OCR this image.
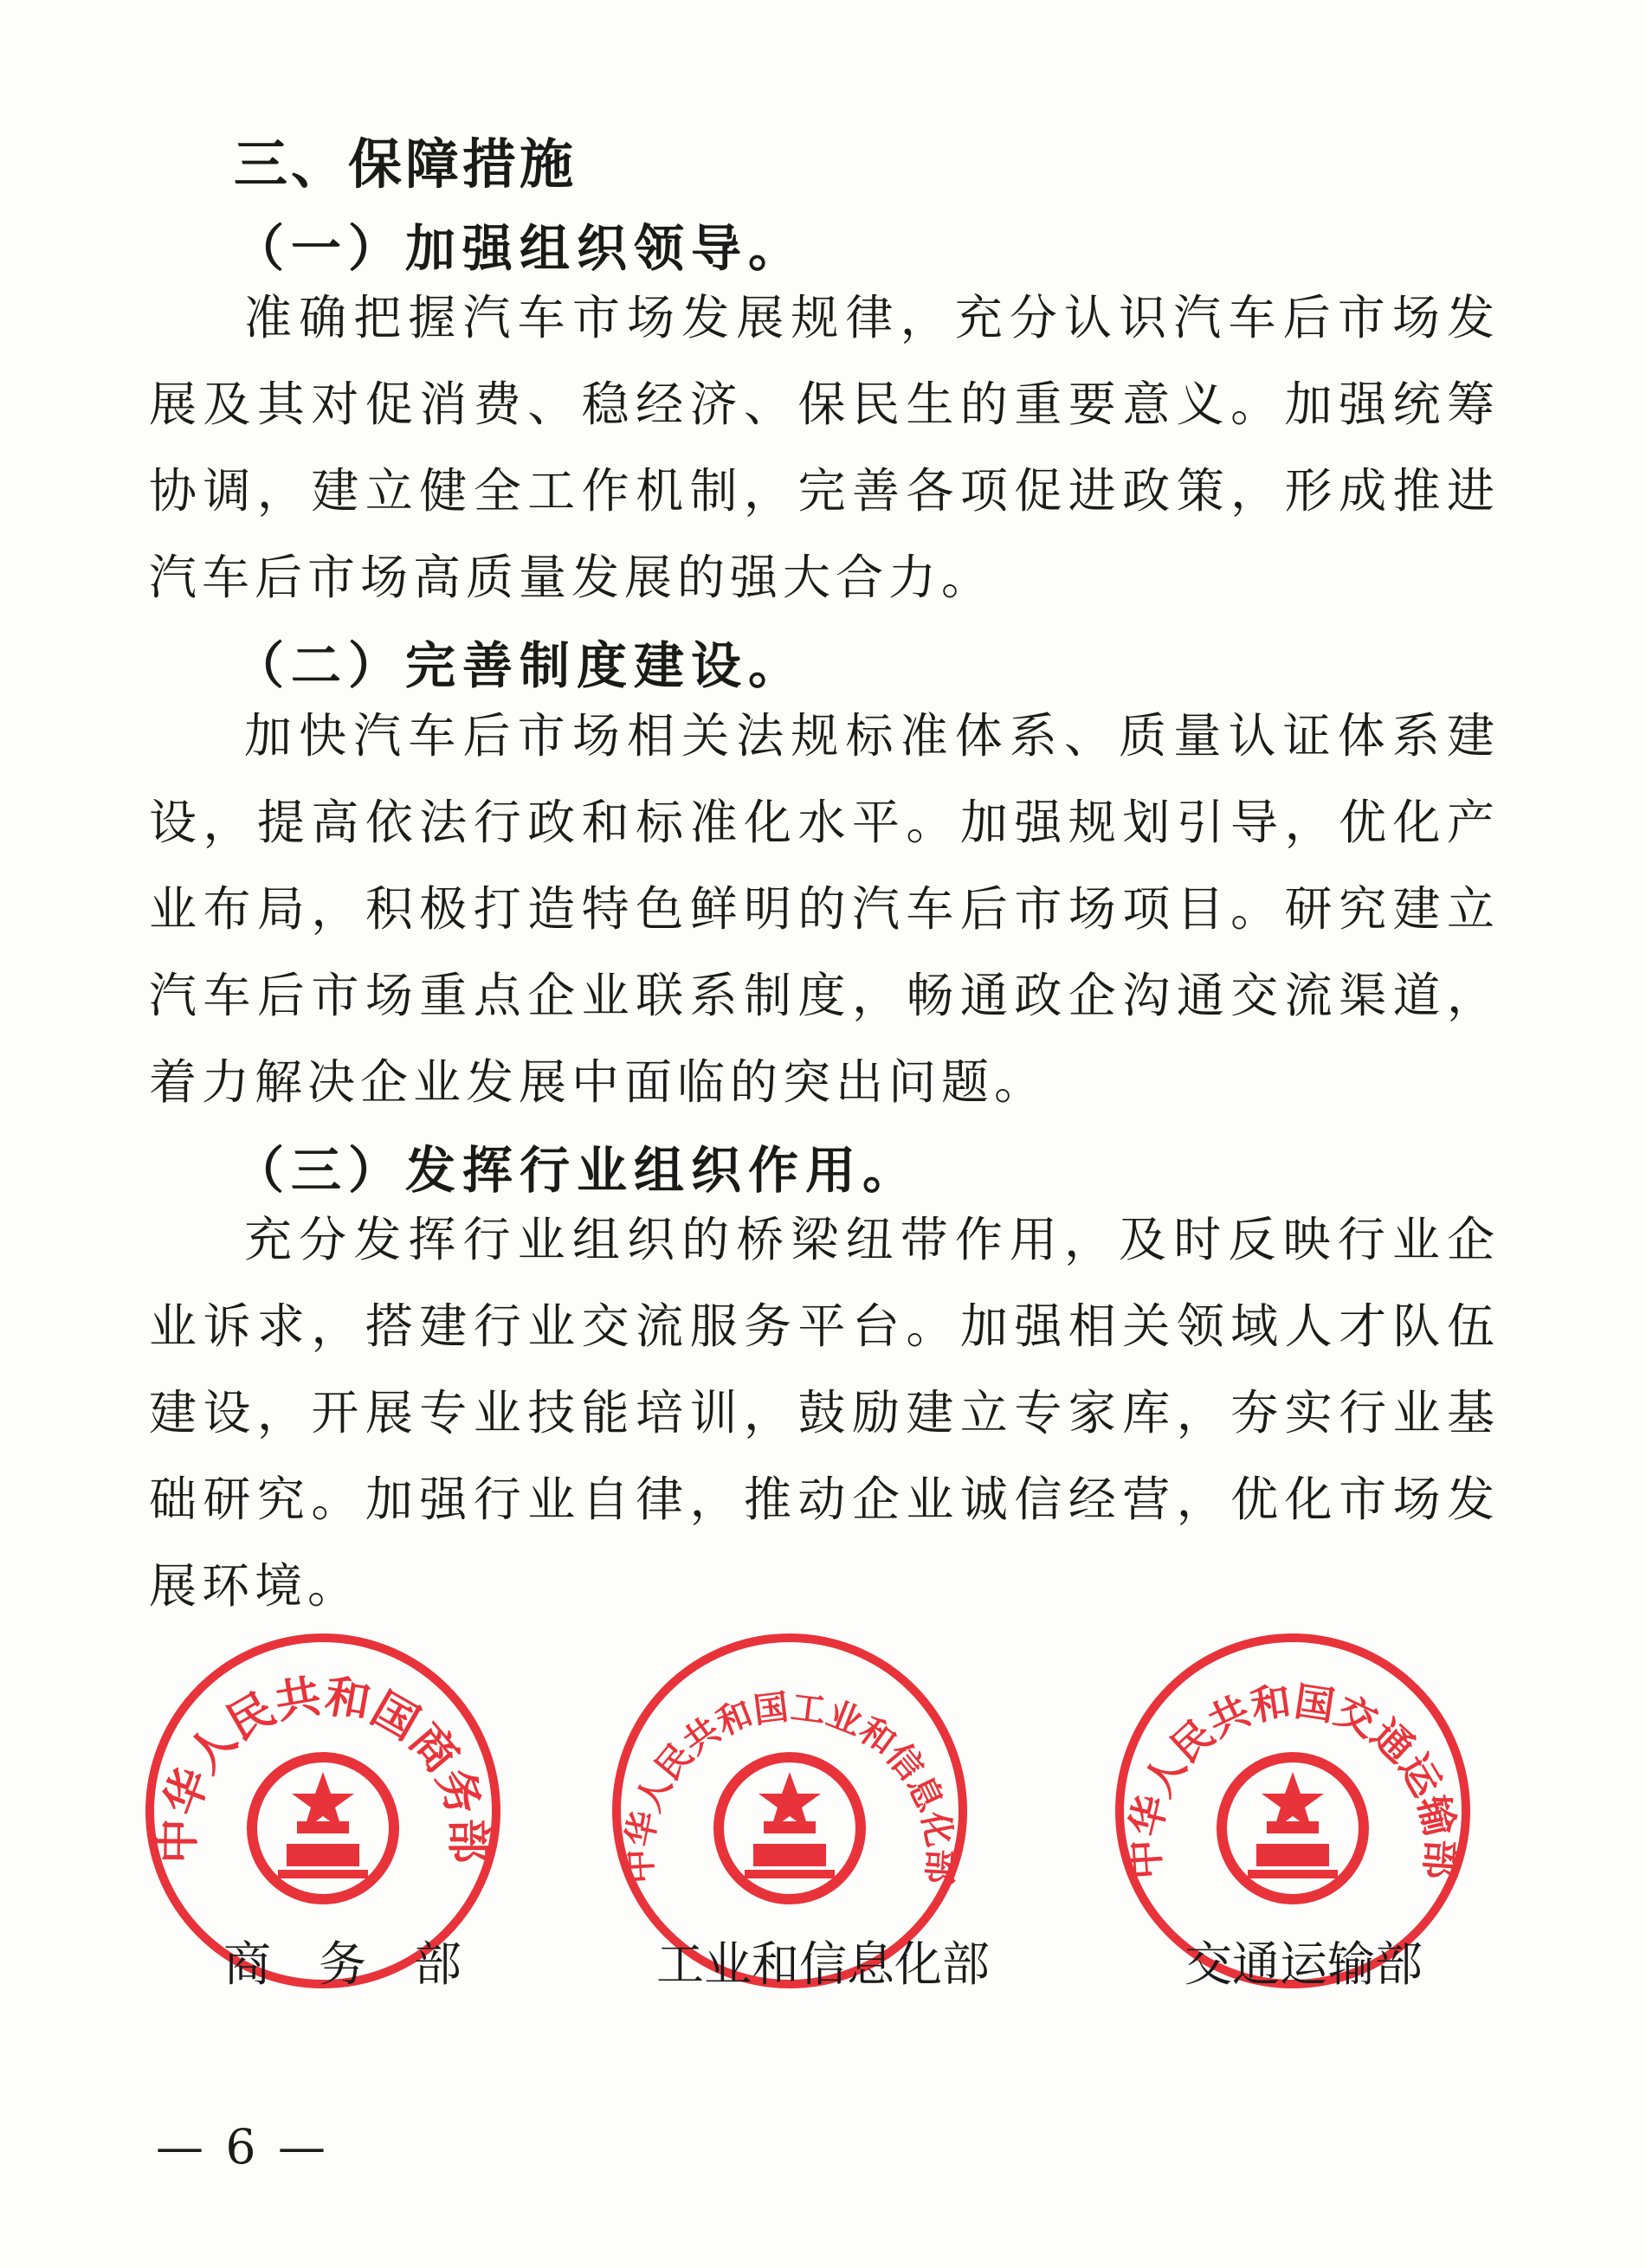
三、保障措施
（一）加强组织领导。

准确把握汽车市场发展规律，充分认识汽车后市场发展及其对促消费、稳经济、保民生的重要意义。加强统筹协调，建立健全工作机制，完善各项促进政策，形成推进汽车后市场高质量发展的强大合力。

（二）完善制度建设。

加快汽车后市场相关法规标准体系、质量认证体系建设，提高依法行政和标准化水平。加强规划引导，优化产业布局，积极打造特色鲜明的汽车后市场项目。研究建立汽车后市场重点企业联系制度，畅通政企沟通交流渠道，着力解决企业发展中面临的突出问题。

（三）发挥行业组织作用。

充分发挥行业组织的桥梁纽带作用，及时反映行业企业诉求，搭建行业交流服务平台。加强相关领域人才队伍建设，开展专业技能培训，鼓励建立专家库，夯实行业基础研究。加强行业自律，推动企业诚信经营，优化市场发展环境。

中华人民共和国商务部
商　务　部
中华人民共和国工业和信息化部
工业和信息化部
中华人民共和国交通运输部
交通运输部
— 6 —
